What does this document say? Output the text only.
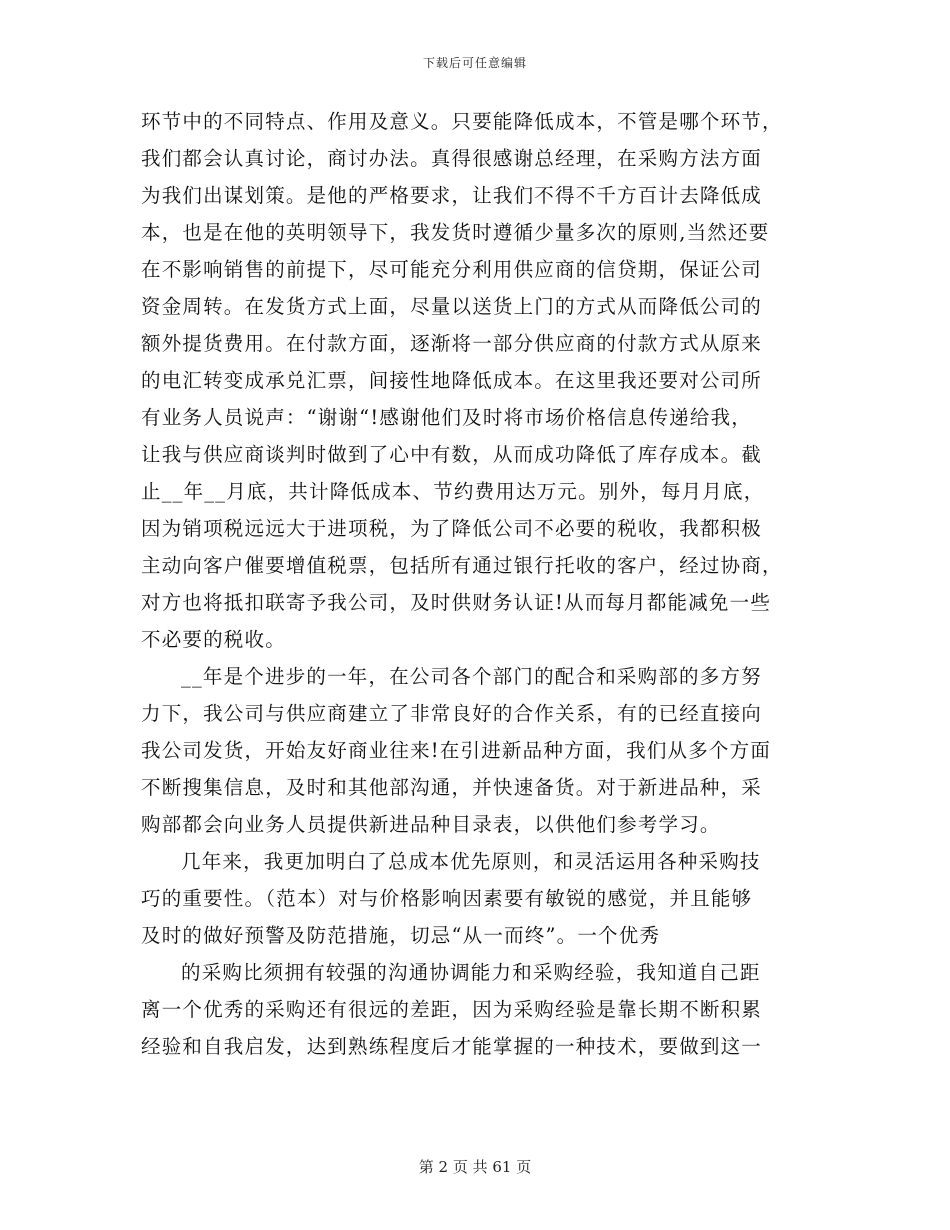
下载后可任意编辑
环节中的不同特点、作用及意义。只要能降低成本，不管是哪个环节，
我们都会认真讨论，商讨办法。真得很感谢总经理，在采购方法方面
为我们出谋划策。是他的严格要求，让我们不得不千方百计去降低成
本，也是在他的英明领导下，我发货时遵循少量多次的原则,当然还要
在不影响销售的前提下，尽可能充分利用供应商的信贷期，保证公司
资金周转。在发货方式上面，尽量以送货上门的方式从而降低公司的
额外提货费用。在付款方面，逐渐将一部分供应商的付款方式从原来
的电汇转变成承兑汇票，间接性地降低成本。在这里我还要对公司所
有业务人员说声：“谢谢“!感谢他们及时将市场价格信息传递给我，
让我与供应商谈判时做到了心中有数，从而成功降低了库存成本。截
止__年__月底，共计降低成本、节约费用达万元。别外，每月月底，
因为销项税远远大于进项税，为了降低公司不必要的税收，我都积极
主动向客户催要增值税票，包括所有通过银行托收的客户，经过协商，
对方也将抵扣联寄予我公司，及时供财务认证!从而每月都能减免一些
不必要的税收。
__年是个进步的一年，在公司各个部门的配合和采购部的多方努
力下，我公司与供应商建立了非常良好的合作关系，有的已经直接向
我公司发货，开始友好商业往来!在引进新品种方面，我们从多个方面
不断搜集信息，及时和其他部沟通，并快速备货。对于新进品种，采
购部都会向业务人员提供新进品种目录表，以供他们参考学习。
几年来，我更加明白了总成本优先原则，和灵活运用各种采购技
巧的重要性。（范本）对与价格影响因素要有敏锐的感觉，并且能够
及时的做好预警及防范措施，切忌“从一而终”。一个优秀
的采购比须拥有较强的沟通协调能力和采购经验，我知道自己距
离一个优秀的采购还有很远的差距，因为采购经验是靠长期不断积累
经验和自我启发，达到熟练程度后才能掌握的一种技术，要做到这一
第 2 页 共 61 页
